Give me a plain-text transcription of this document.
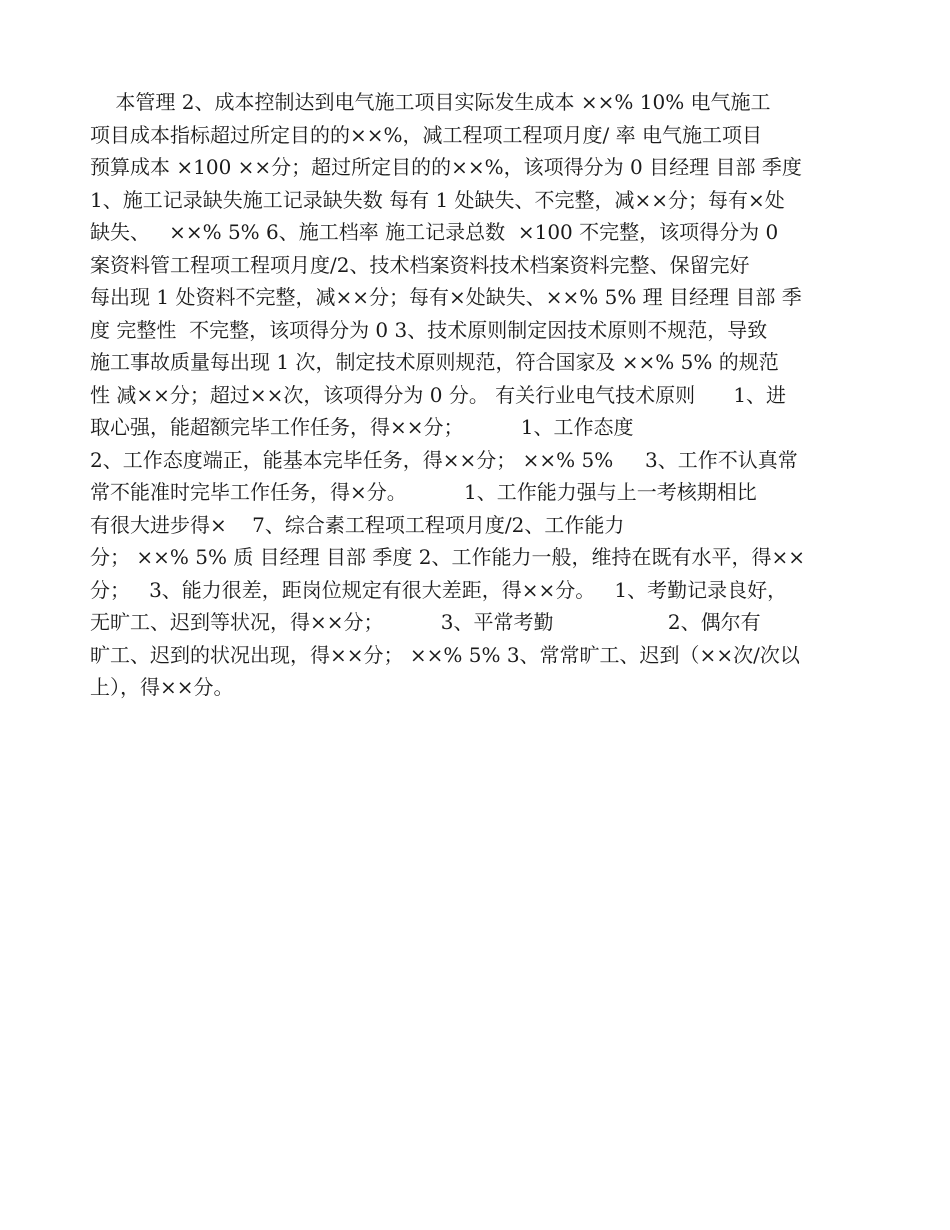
本管理 2、成本控制达到电气施工项目实际发生成本 ××% 10% 电气施工
项目成本指标超过所定目的的××%，减工程项工程项月度/ 率 电气施工项目
预算成本 ×100 ××分；超过所定目的的××%，该项得分为 0 目经理 目部 季度
1、施工记录缺失施工记录缺失数 每有 1 处缺失、不完整，减××分；每有×处
缺失、   ××% 5% 6、施工档率 施工记录总数  ×100 不完整，该项得分为 0
案资料管工程项工程项月度/2、技术档案资料技术档案资料完整、保留完好
每出现 1 处资料不完整，减××分；每有×处缺失、××% 5% 理 目经理 目部 季
度 完整性  不完整，该项得分为 0 3、技术原则制定因技术原则不规范，导致
施工事故质量每出现 1 次，制定技术原则规范，符合国家及 ××% 5% 的规范
性 减××分；超过××次，该项得分为 0 分。 有关行业电气技术原则      1、进
取心强，能超额完毕工作任务，得××分；         1、工作态度
2、工作态度端正，能基本完毕任务，得××分； ××% 5%     3、工作不认真常
常不能准时完毕工作任务，得×分。         1、工作能力强与上一考核期相比
有很大进步得×    7、综合素工程项工程项月度/2、工作能力
分； ××% 5% 质 目经理 目部 季度 2、工作能力一般，维持在既有水平，得××
分；   3、能力很差，距岗位规定有很大差距，得××分。   1、考勤记录良好，
无旷工、迟到等状况，得××分；         3、平常考勤                  2、偶尔有
旷工、迟到的状况出现，得××分； ××% 5% 3、常常旷工、迟到（××次/次以
上），得××分。
